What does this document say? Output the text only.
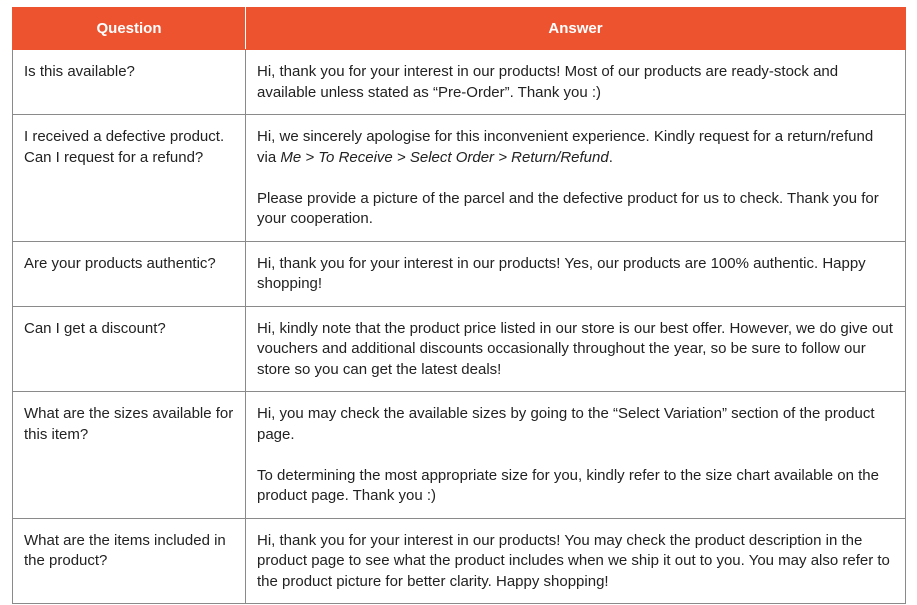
Question	Answer
Is this available?	Hi, thank you for your interest in our products! Most of our products are ready-stock and available unless stated as “Pre-Order”. Thank you :)

I received a defective product. Can I request for a refund?	Hi, we sincerely apologise for this inconvenient experience. Kindly request for a return/refund via Me > To Receive > Select Order > Return/Refund.

Please provide a picture of the parcel and the defective product for us to check. Thank you for your cooperation.

Are your products authentic?	Hi, thank you for your interest in our products! Yes, our products are 100% authentic. Happy shopping!

Can I get a discount?	Hi, kindly note that the product price listed in our store is our best offer. However, we do give out vouchers and additional discounts occasionally throughout the year, so be sure to follow our store so you can get the latest deals!

What are the sizes available for this item?	Hi, you may check the available sizes by going to the “Select Variation” section of the product page.

To determining the most appropriate size for you, kindly refer to the size chart available on the product page. Thank you :)

What are the items included in the product?	Hi, thank you for your interest in our products! You may check the product description in the product page to see what the product includes when we ship it out to you. You may also refer to the product picture for better clarity. Happy shopping!
